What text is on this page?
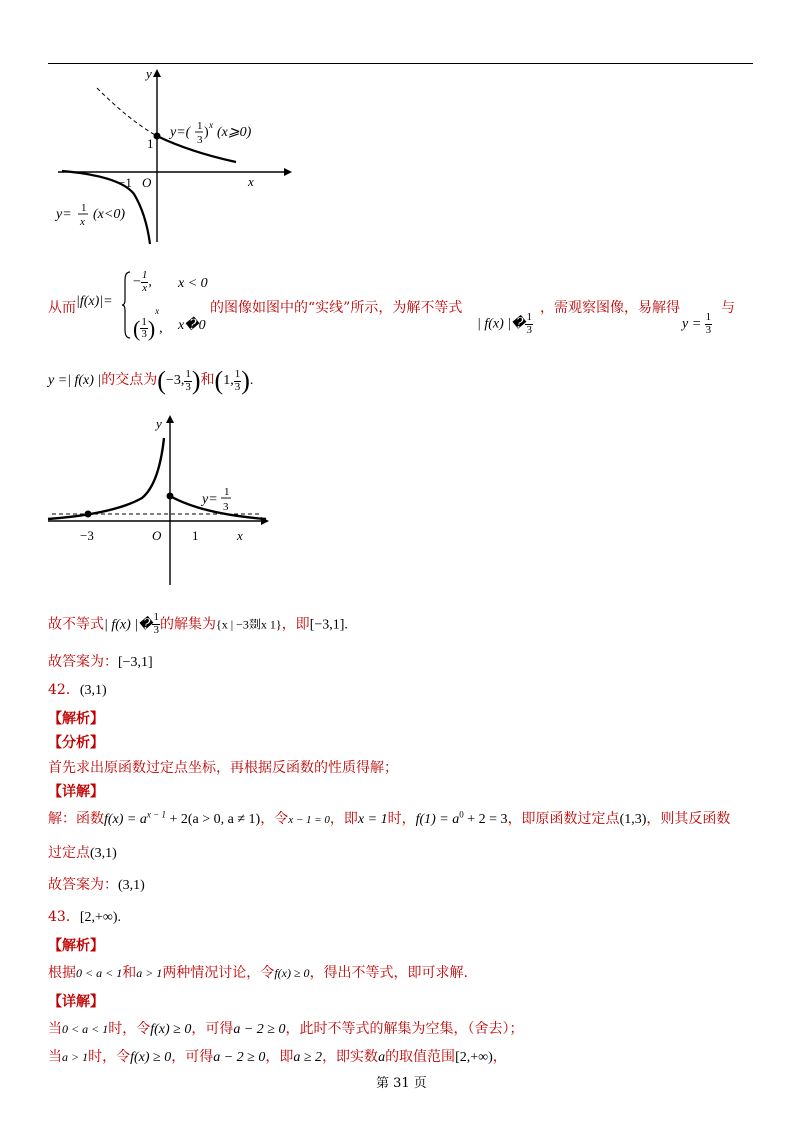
y
x
O
−1
1
y=( 1
3 ) x (x⩾0)
y= 1
x (x<0)
从而 |f(x)|=
− $\frac{1}{x}$ , x < 0
( $\frac{1}{3} )^x$, x�0
的图像如图中的“实线”所示，为解不等式
| f(x) |� $\frac{1}{3}$
，需观察图像，易解得
$y = \frac{1}{3}$
与
y =| f(x) |的交点为(−3, $\frac{1}{3}$ )和(1, $\frac{1}{3}$ ).
y
x
O
−3	1
y= 1
3
故不等式| f(x) |� $\frac{1}{3}$ 的解集为{x | −3剟x 1}，即[−3,1].
故答案为：[−3,1]
42．(3,1)
【解析】
【分析】
首先求出原函数过定点坐标，再根据反函数的性质得解；
【详解】
解：函数$f(x) = a^{x - 1} + 2(a > 0$, a ≠ 1)，令x − 1 = 0，即x = 1时，$f(1) = a^0 + 2 = 3$，即原函数过定点(1,3)，则其反函数
过定点(3,1)
故答案为：(3,1)
43．[2,+∞).
【解析】
根据0 < a < 1和a > 1两种情况讨论，令f(x) ≥ 0，得出不等式，即可求解.
【详解】
当0 < a < 1时，令f(x) ≥ 0，可得a − 2 ≥ 0，此时不等式的解集为空集，（舍去）；
当a > 1时，令f(x) ≥ 0，可得a − 2 ≥ 0，即a ≥ 2，即实数a的取值范围[2,+∞)，
第 31 页
